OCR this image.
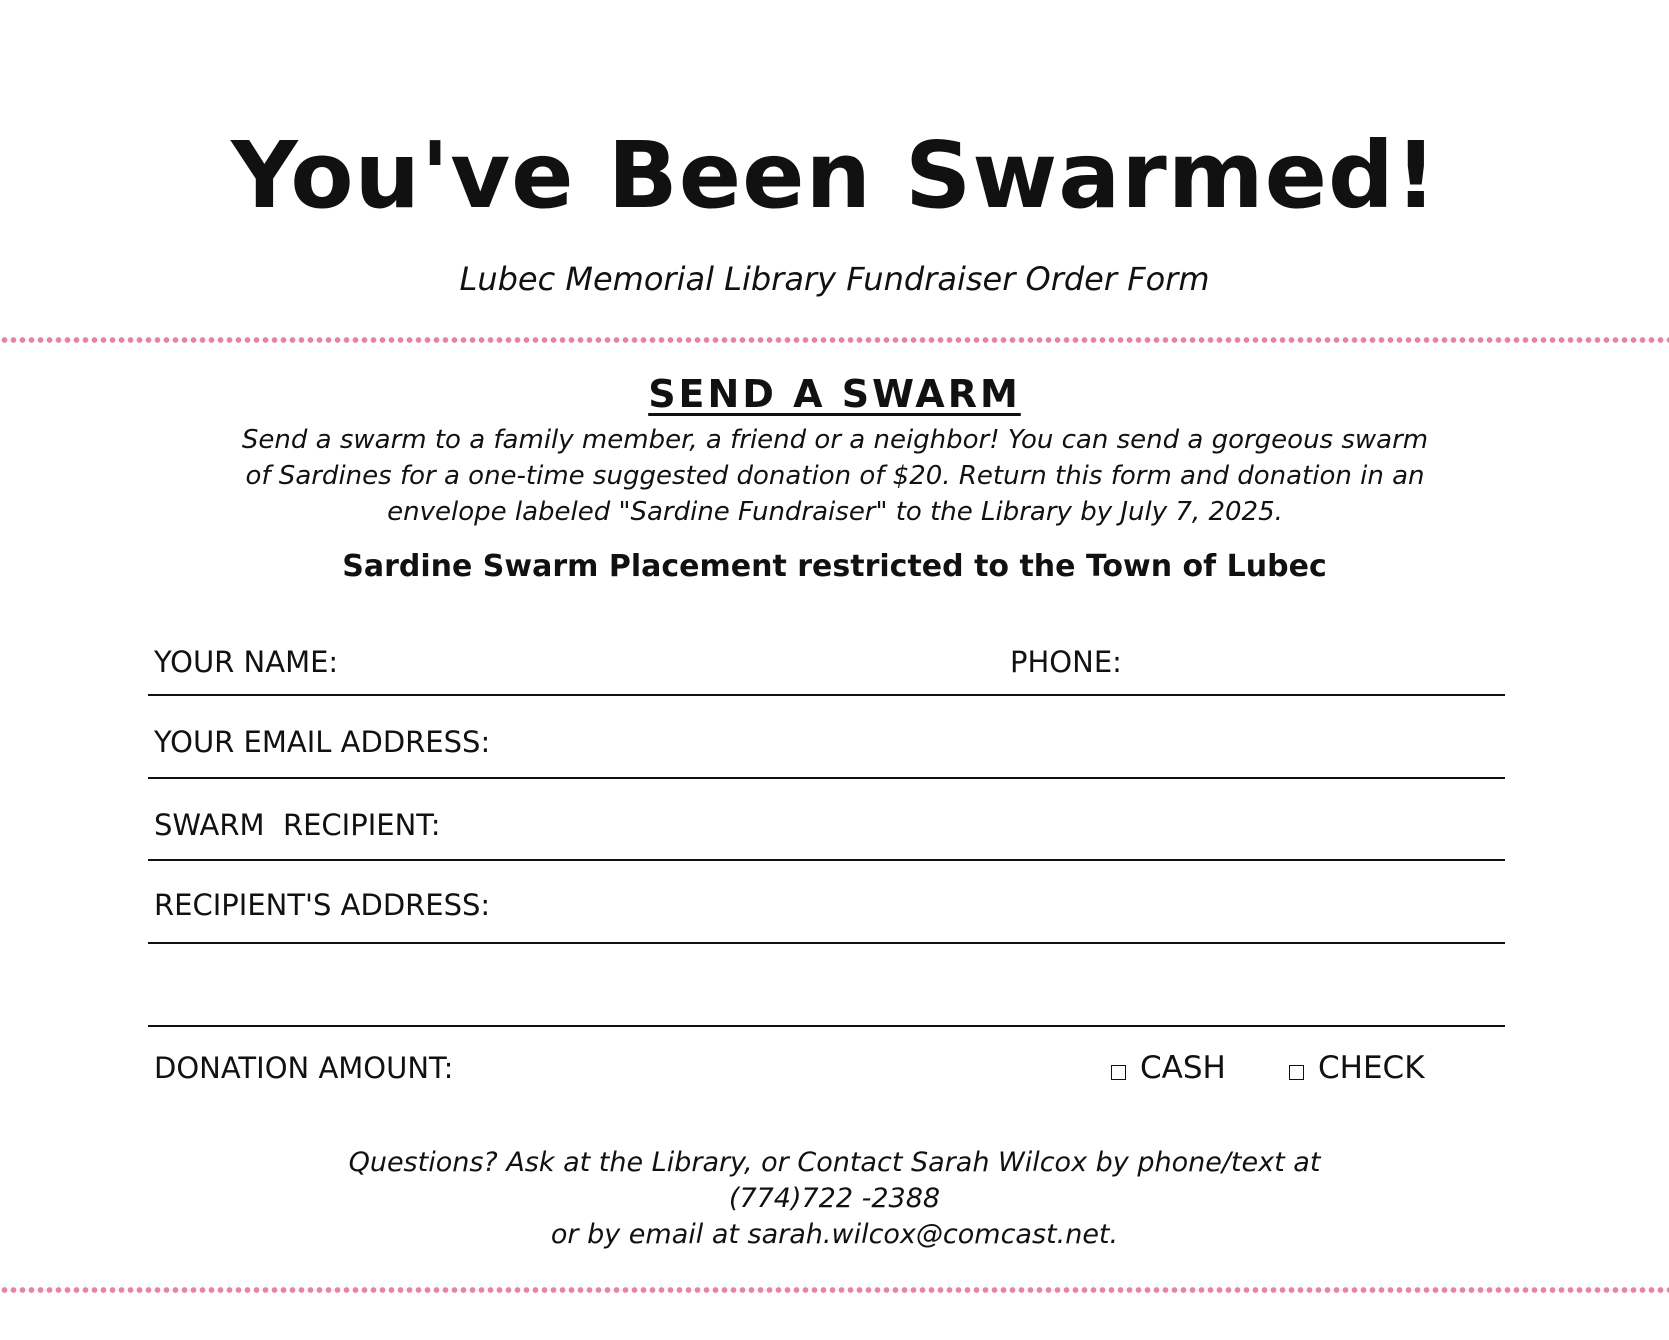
You've Been Swarmed!
Lubec Memorial Library Fundraiser Order Form
SEND A SWARM
Send a swarm to a family member, a friend or a neighbor! You can send a gorgeous swarm
of Sardines for a one-time suggested donation of $20. Return this form and donation in an
envelope labeled "Sardine Fundraiser" to the Library by July 7, 2025.
Sardine Swarm Placement restricted to the Town of Lubec
YOUR NAME:	PHONE:
YOUR EMAIL ADDRESS:
SWARM  RECIPIENT:
RECIPIENT'S ADDRESS:
DONATION AMOUNT:	CASH	CHECK
Questions? Ask at the Library, or Contact Sarah Wilcox by phone/text at
(774)722 -2388
or by email at sarah.wilcox@comcast.net.
